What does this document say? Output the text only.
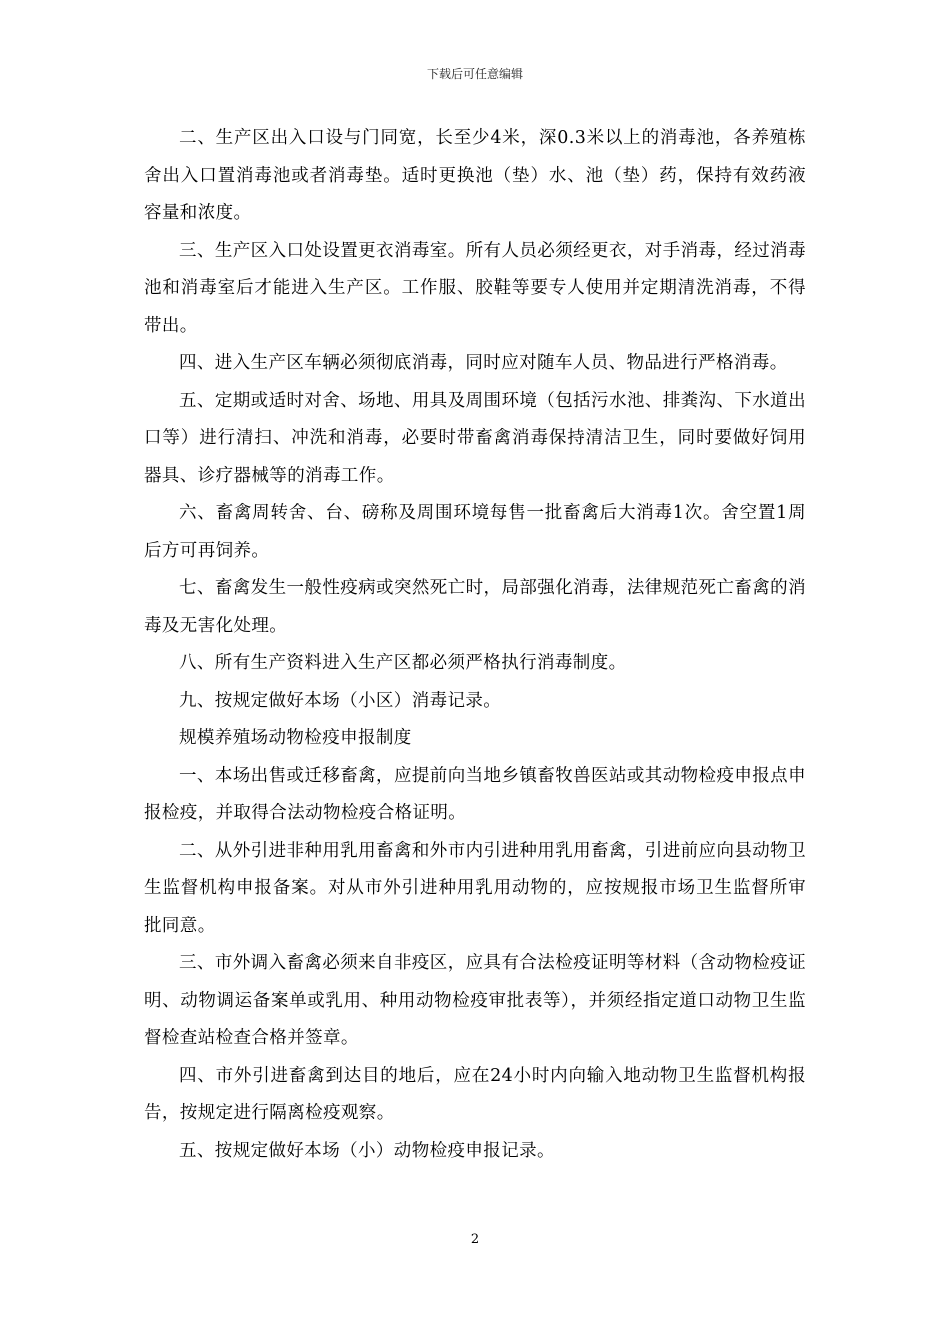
下载后可任意编辑

二、生产区出入口设与门同宽，长至少4米，深0.3米以上的消毒池，各养殖栋舍出入口置消毒池或者消毒垫。适时更换池（垫）水、池（垫）药，保持有效药液容量和浓度。

三、生产区入口处设置更衣消毒室。所有人员必须经更衣，对手消毒，经过消毒池和消毒室后才能进入生产区。工作服、胶鞋等要专人使用并定期清洗消毒，不得带出。

四、进入生产区车辆必须彻底消毒，同时应对随车人员、物品进行严格消毒。

五、定期或适时对舍、场地、用具及周围环境（包括污水池、排粪沟、下水道出口等）进行清扫、冲洗和消毒，必要时带畜禽消毒保持清洁卫生，同时要做好饲用器具、诊疗器械等的消毒工作。

六、畜禽周转舍、台、磅称及周围环境每售一批畜禽后大消毒1次。舍空置1周后方可再饲养。

七、畜禽发生一般性疫病或突然死亡时，局部强化消毒，法律规范死亡畜禽的消毒及无害化处理。

八、所有生产资料进入生产区都必须严格执行消毒制度。

九、按规定做好本场（小区）消毒记录。

规模养殖场动物检疫申报制度

一、本场出售或迁移畜禽，应提前向当地乡镇畜牧兽医站或其动物检疫申报点申报检疫，并取得合法动物检疫合格证明。

二、从外引进非种用乳用畜禽和外市内引进种用乳用畜禽，引进前应向县动物卫生监督机构申报备案。对从市外引进种用乳用动物的，应按规报市场卫生监督所审批同意。

三、市外调入畜禽必须来自非疫区，应具有合法检疫证明等材料（含动物检疫证明、动物调运备案单或乳用、种用动物检疫审批表等），并须经指定道口动物卫生监督检查站检查合格并签章。

四、市外引进畜禽到达目的地后，应在24小时内向输入地动物卫生监督机构报告，按规定进行隔离检疫观察。

五、按规定做好本场（小）动物检疫申报记录。

2
